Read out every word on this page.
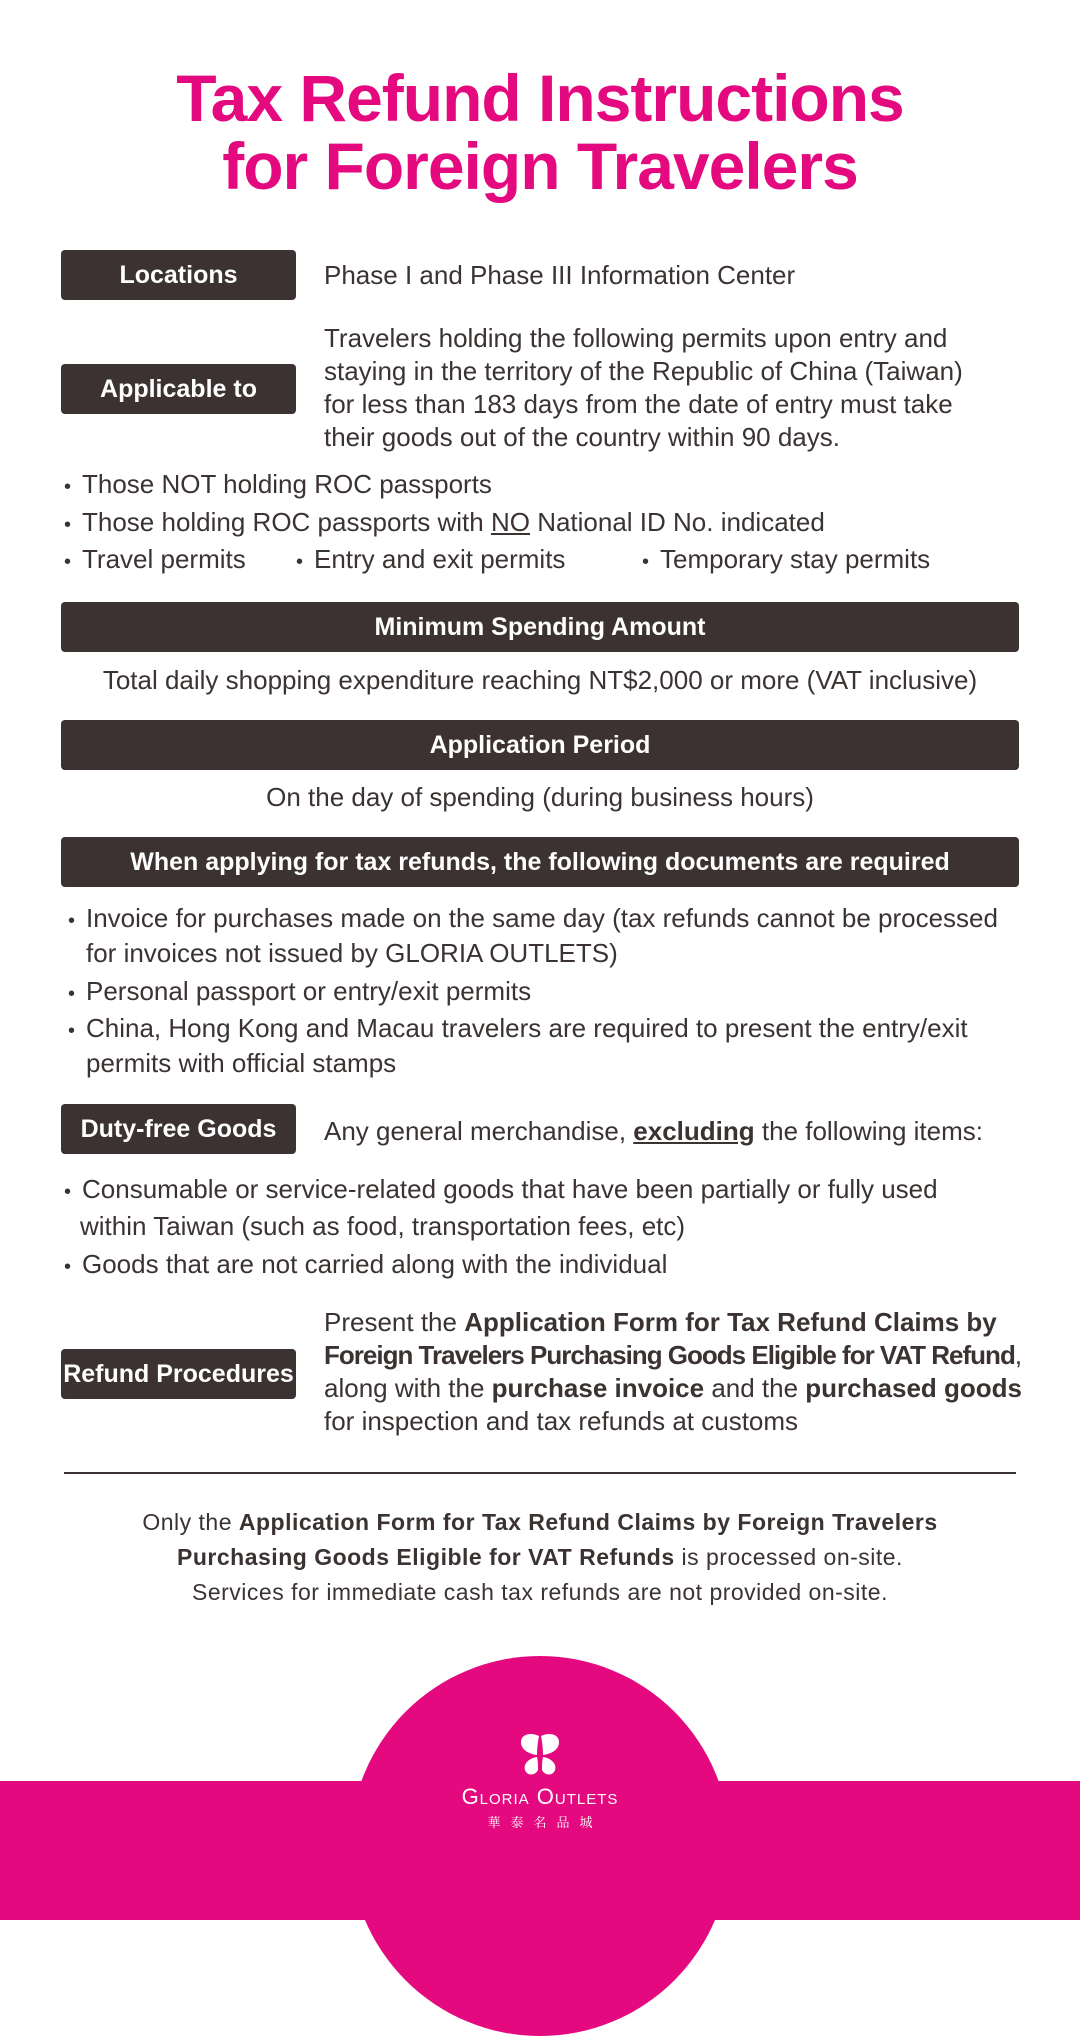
Tax Refund Instructions
for Foreign Travelers
Locations	Phase I and Phase III Information Center
Applicable to
Travelers holding the following permits upon entry and
staying in the territory of the Republic of China (Taiwan)
for less than 183 days from the date of entry must take
their goods out of the country within 90 days.
• Those NOT holding ROC passports
• Those holding ROC passports with NO National ID No. indicated
• Travel permits	• Entry and exit permits	• Temporary stay permits
Minimum Spending Amount
Total daily shopping expenditure reaching NT$2,000 or more (VAT inclusive)
Application Period
On the day of spending (during business hours)
When applying for tax refunds, the following documents are required
• Invoice for purchases made on the same day (tax refunds cannot be processed
for invoices not issued by GLORIA OUTLETS)
• Personal passport or entry/exit permits
• China, Hong Kong and Macau travelers are required to present the entry/exit
permits with official stamps
Duty-free Goods	Any general merchandise, excluding the following items:
• Consumable or service-related goods that have been partially or fully used
within Taiwan (such as food, transportation fees, etc)
• Goods that are not carried along with the individual
Refund Procedures
Present the Application Form for Tax Refund Claims by
Foreign Travelers Purchasing Goods Eligible for VAT Refund,
along with the purchase invoice and the purchased goods
for inspection and tax refunds at customs
Only the Application Form for Tax Refund Claims by Foreign Travelers
Purchasing Goods Eligible for VAT Refunds is processed on-site.
Services for immediate cash tax refunds are not provided on-site.
Gloria Outlets
華泰名品城
